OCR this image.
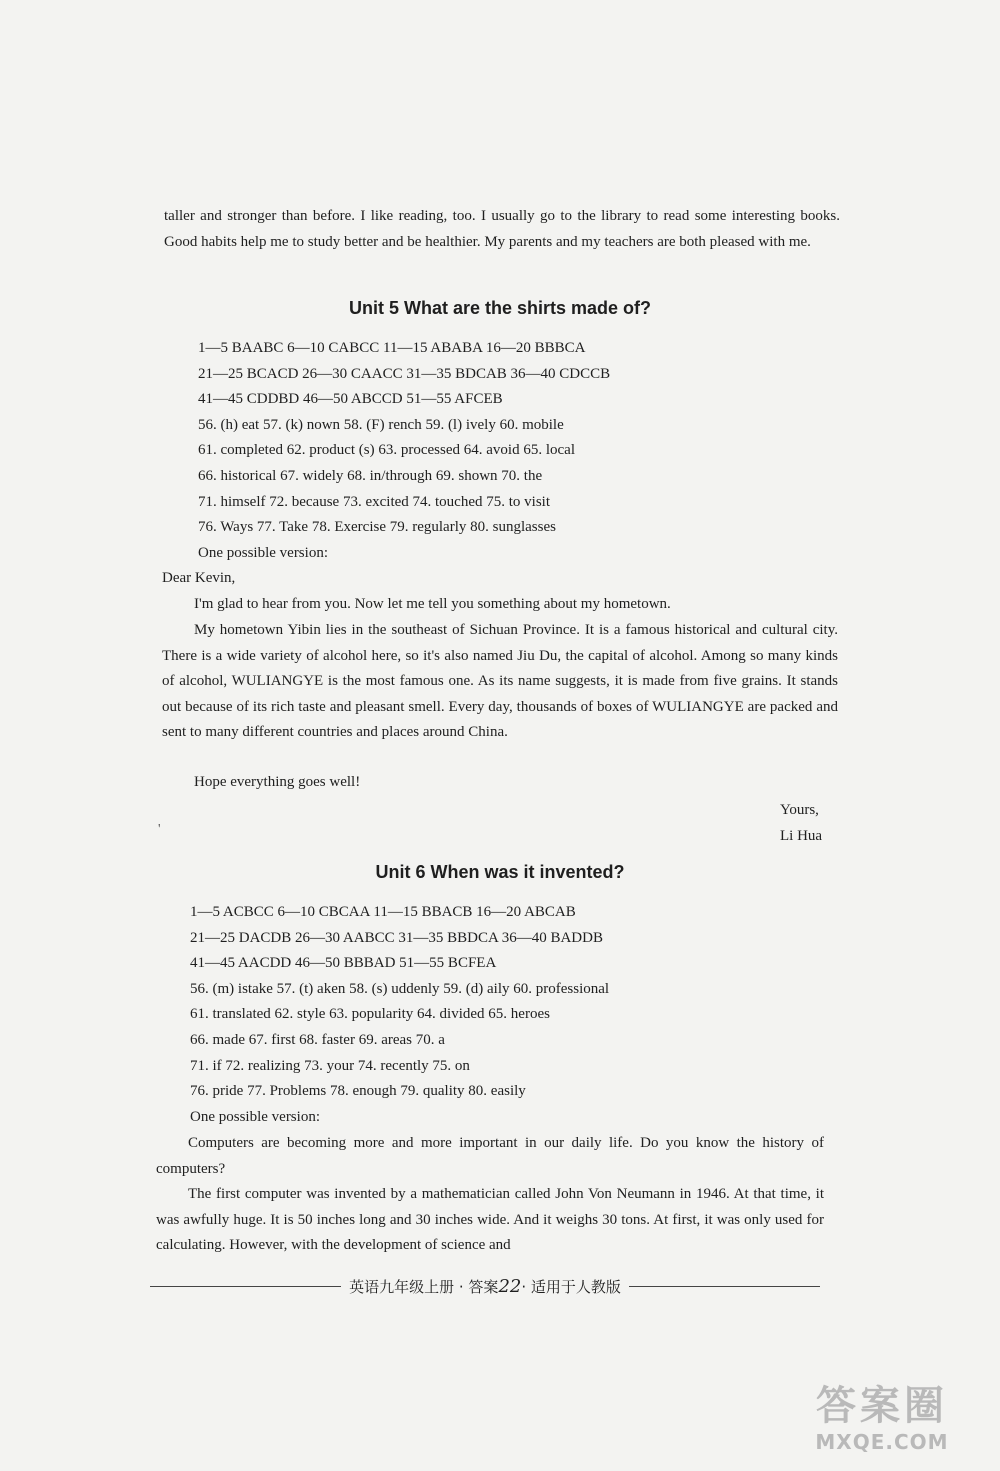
taller and stronger than before. I like reading, too. I usually go to the library to read some interesting books. Good habits help me to study better and be healthier. My parents and my teachers are both pleased with me.

Unit 5 What are the shirts made of?
1—5 BAABC 6—10 CABCC 11—15 ABABA 16—20 BBBCA
21—25 BCACD 26—30 CAACC 31—35 BDCAB 36—40 CDCCB
41—45 CDDBD 46—50 ABCCD 51—55 AFCEB
56. (h) eat 57. (k) nown 58. (F) rench 59. (l) ively 60. mobile
61. completed 62. product (s) 63. processed 64. avoid 65. local
66. historical 67. widely 68. in/through 69. shown 70. the
71. himself 72. because 73. excited 74. touched 75. to visit
76. Ways 77. Take 78. Exercise 79. regularly 80. sunglasses
One possible version:

Dear Kevin,

I'm glad to hear from you. Now let me tell you something about my hometown.

My hometown Yibin lies in the southeast of Sichuan Province. It is a famous historical and cultural city. There is a wide variety of alcohol here, so it's also named Jiu Du, the capital of alcohol. Among so many kinds of alcohol, WULIANGYE is the most famous one. As its name suggests, it is made from five grains. It stands out because of its rich taste and pleasant smell. Every day, thousands of boxes of WULIANGYE are packed and sent to many different countries and places around China.

Hope everything goes well!

Yours,
Li Hua
Unit 6 When was it invented?
1—5 ACBCC 6—10 CBCAA 11—15 BBACB 16—20 ABCAB
21—25 DACDB 26—30 AABCC 31—35 BBDCA 36—40 BADDB
41—45 AACDD 46—50 BBBAD 51—55 BCFEA
56. (m) istake 57. (t) aken 58. (s) uddenly 59. (d) aily 60. professional
61. translated 62. style 63. popularity 64. divided 65. heroes
66. made 67. first 68. faster 69. areas 70. a
71. if 72. realizing 73. your 74. recently 75. on
76. pride 77. Problems 78. enough 79. quality 80. easily
One possible version:

Computers are becoming more and more important in our daily life. Do you know the history of computers?

The first computer was invented by a mathematician called John Von Neumann in 1946. At that time, it was awfully huge. It is 50 inches long and 30 inches wide. And it weighs 30 tons. At first, it was only used for calculating. However, with the development of science and

'
英语九年级上册 · 答案22· 适用于人教版
答案圈
MXQE.COM
